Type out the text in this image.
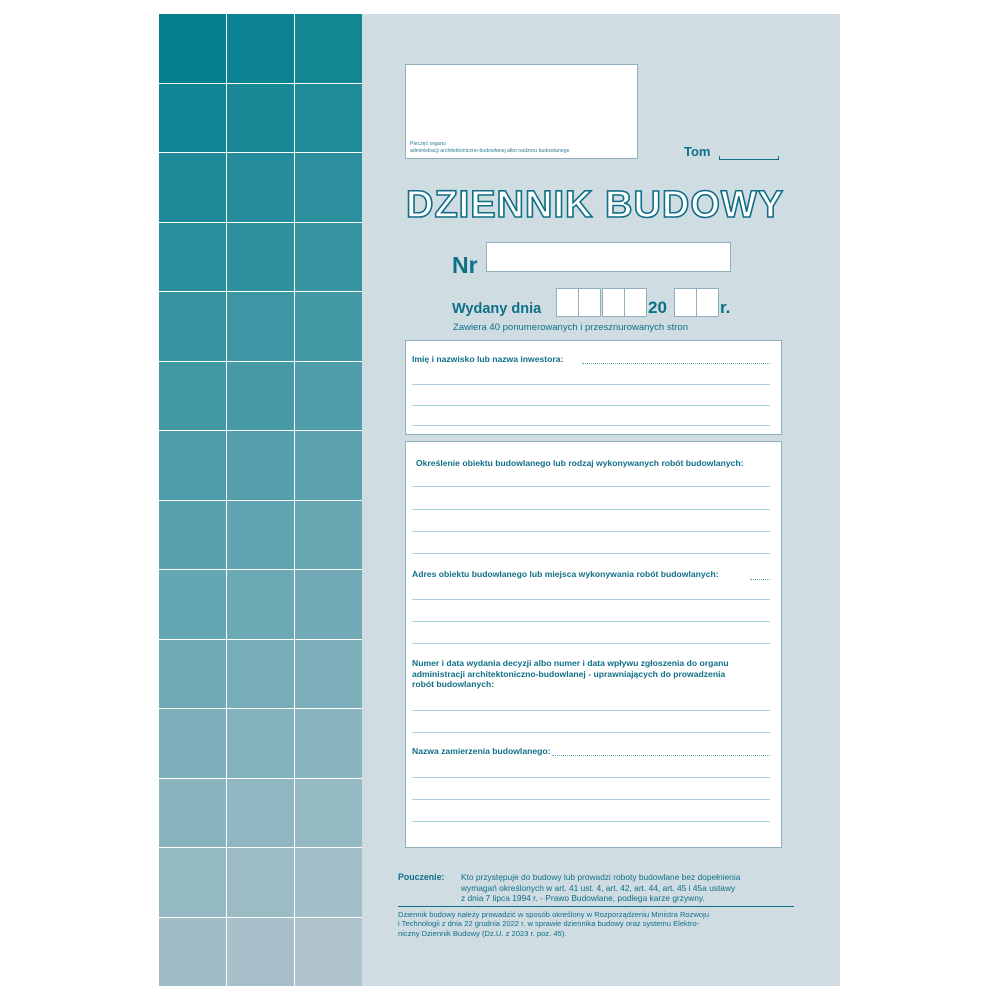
Pieczęć organu
administracji architektoniczno-budowlanej albo nadzoru budowlanego	Tom
DZIENNIK BUDOWY
Nr
Wydany dnia	20	r.
Zawiera 40 ponumerowanych i przesznurowanych stron
Imię i nazwisko lub nazwa inwestora:
Określenie obiektu budowlanego lub rodzaj wykonywanych robót budowlanych:
Adres obiektu budowlanego lub miejsca wykonywania robót budowlanych:
Numer i data wydania decyzji albo numer i data wpływu zgłoszenia do organu
administracji architektoniczno-budowlanej - uprawniających do prowadzenia
robót budowlanych:
Nazwa zamierzenia budowlanego:
Pouczenie: Kto przystępuje do budowy lub prowadzi roboty budowlane bez dopełnienia
wymagań określonych w art. 41 ust. 4, art. 42, art. 44, art. 45 i 45a ustawy
z dnia 7 lipca 1994 r. - Prawo Budowlane, podlega karze grzywny.
Dziennik budowy należy prowadzić w sposób określony w Rozporządzeniu Ministra Rozwoju
i Technologii z dnia 22 grudnia 2022 r. w sprawie dziennika budowy oraz systemu Elektro-
niczny Dziennik Budowy (Dz.U. z 2023 r. poz. 45).
